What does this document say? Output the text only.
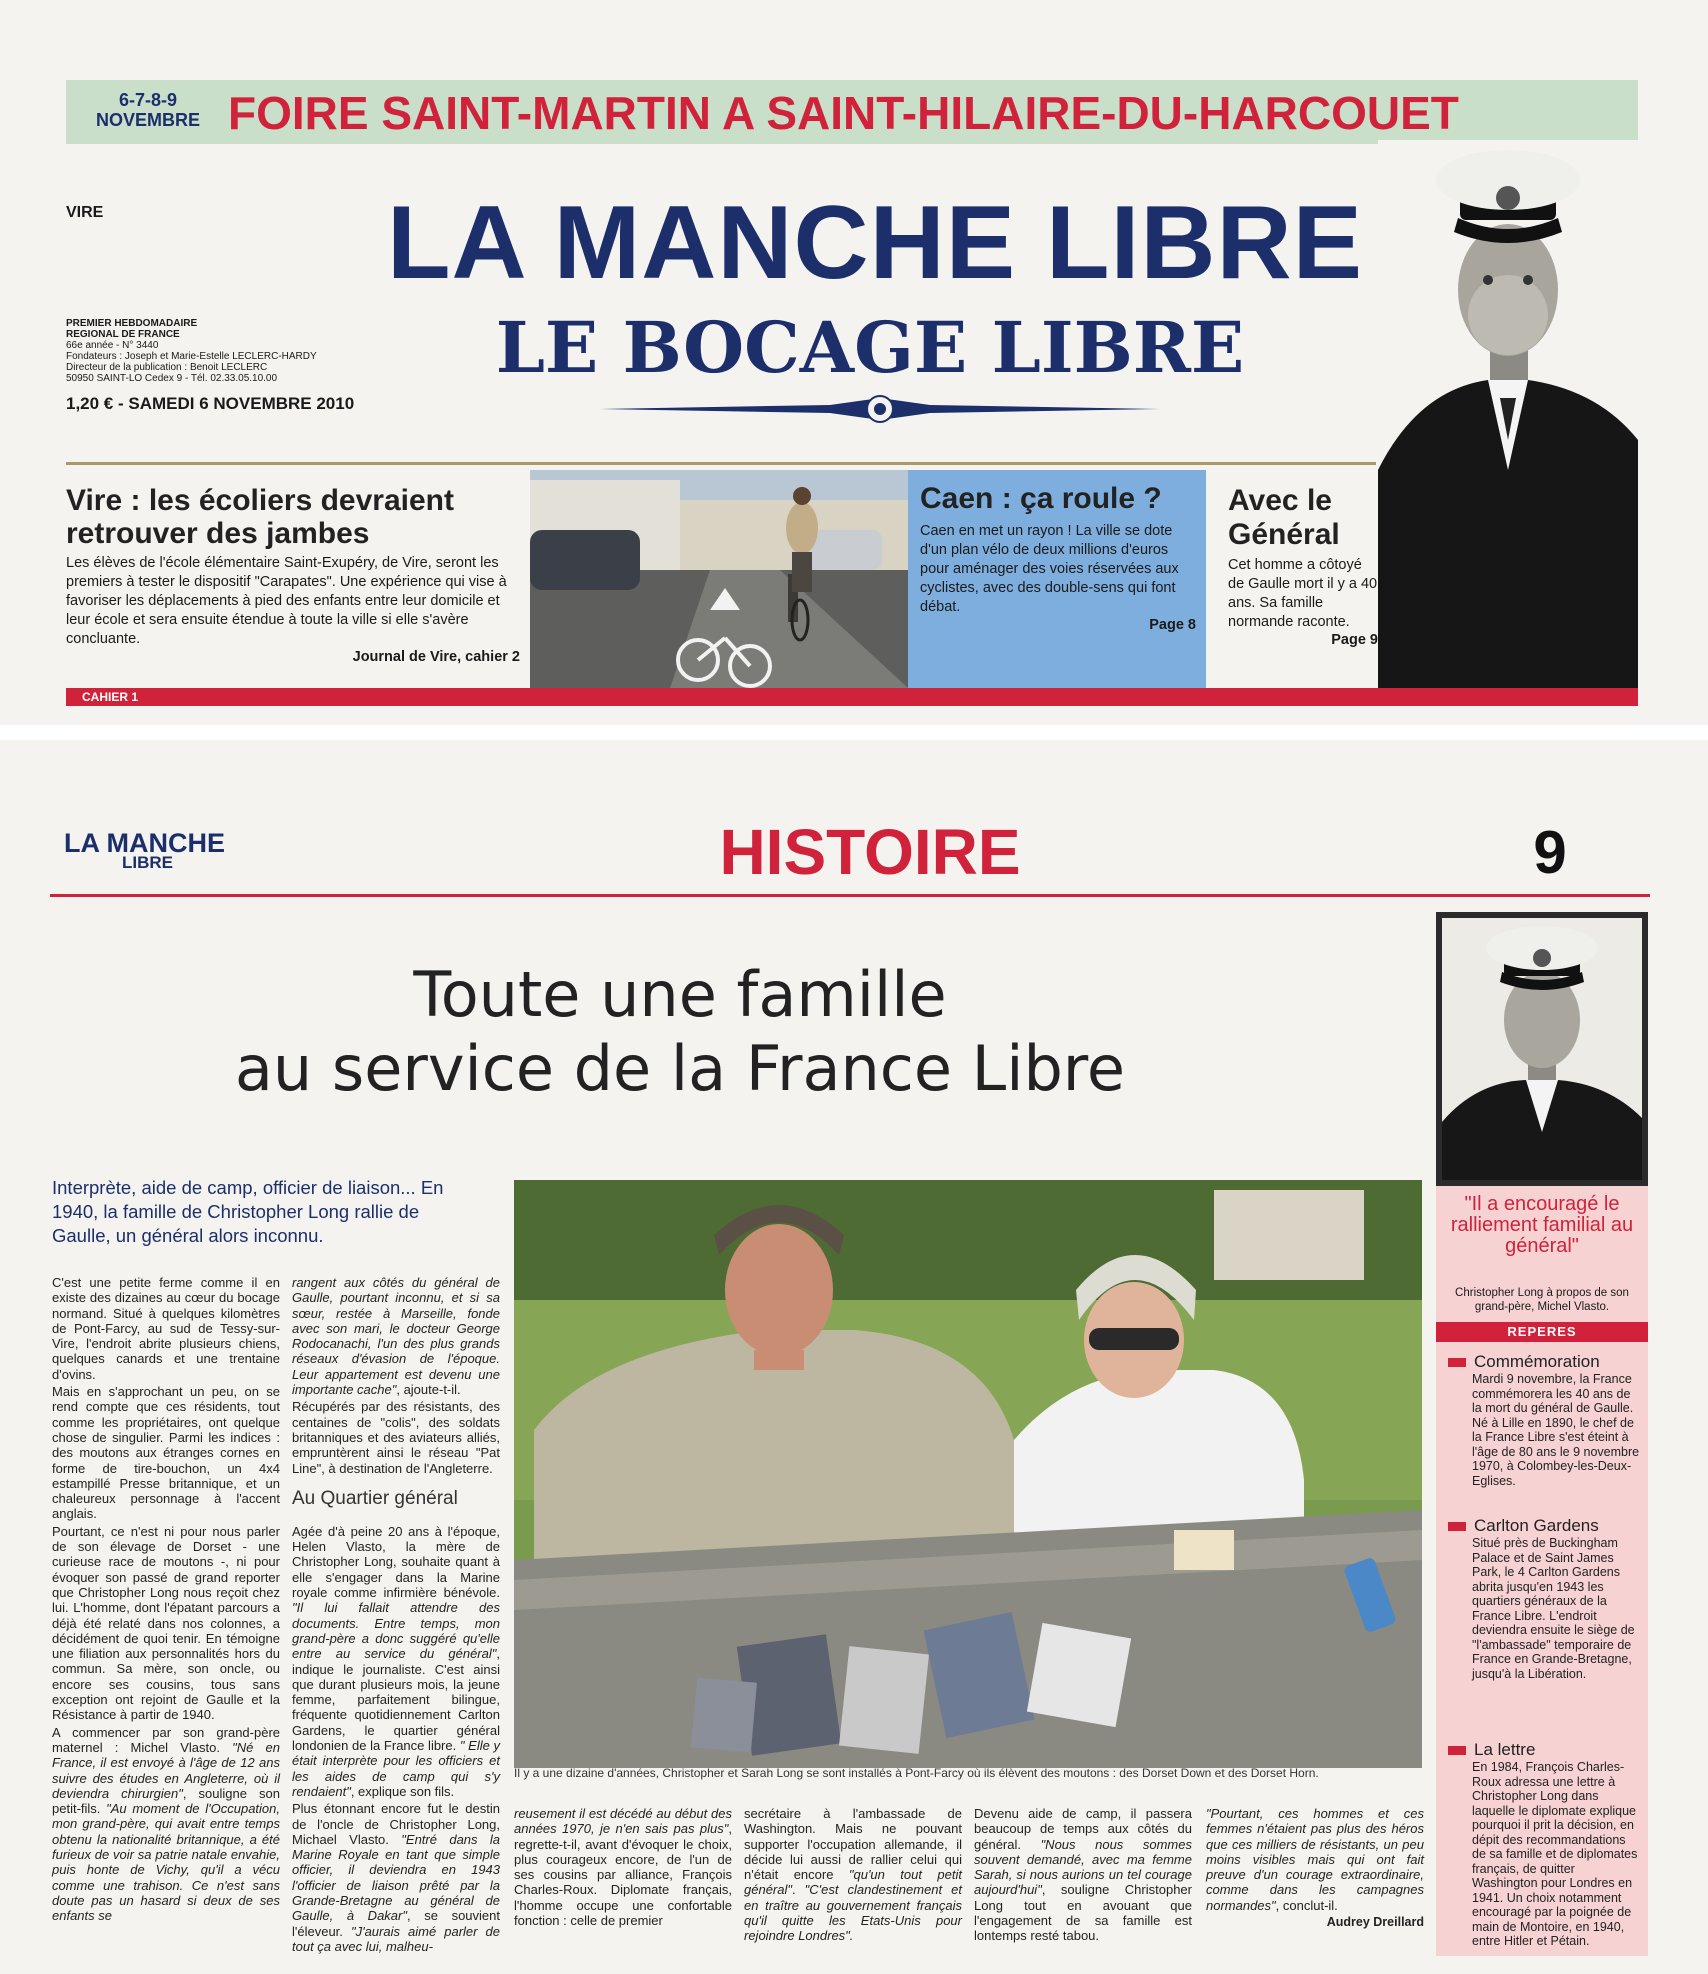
6-7-8-9
NOVEMBRE FOIRE SAINT-MARTIN A SAINT-HILAIRE-DU-HARCOUET
VIRE	LA MANCHE LIBRE
LE BOCAGE LIBRE
PREMIER HEBDOMADAIRE
REGIONAL DE FRANCE
66e année - N° 3440
Fondateurs : Joseph et Marie-Estelle LECLERC-HARDY
Directeur de la publication : Benoit LECLERC
50950 SAINT-LO Cedex 9 - Tél. 02.33.05.10.00
1,20 € - SAMEDI 6 NOVEMBRE 2010
Vire : les écoliers devraient retrouver des jambes

Les élèves de l'école élémentaire Saint-Exupéry, de Vire, seront les premiers à tester le dispositif "Carapates". Une expérience qui vise à favoriser les déplacements à pied des enfants entre leur domicile et leur école et sera ensuite étendue à toute la ville si elle s'avère concluante.

Journal de Vire, cahier 2
Caen : ça roule ?

Caen en met un rayon ! La ville se dote d'un plan vélo de deux millions d'euros pour aménager des voies réservées aux cyclistes, avec des double-sens qui font débat.

Page 8
Avec le Général

Cet homme a côtoyé de Gaulle mort il y a 40 ans. Sa famille normande raconte.

Page 9
CAHIER 1
LA MANCHE
LIBRE	HISTOIRE	9
Toute une famille
au service de la France Libre
Interprète, aide de camp, officier de liaison... En 1940, la famille de Christopher Long rallie de Gaulle, un général alors inconnu.

C'est une petite ferme comme il en existe des dizaines au cœur du bocage normand. Situé à quelques kilomètres de Pont-Farcy, au sud de Tessy-sur-Vire, l'endroit abrite plusieurs chiens, quelques canards et une trentaine d'ovins.

Mais en s'approchant un peu, on se rend compte que ces résidents, tout comme les propriétaires, ont quelque chose de singulier. Parmi les indices : des moutons aux étranges cornes en forme de tire-bouchon, un 4x4 estampillé Presse britannique, et un chaleureux personnage à l'accent anglais.

Pourtant, ce n'est ni pour nous parler de son élevage de Dorset - une curieuse race de moutons -, ni pour évoquer son passé de grand reporter que Christopher Long nous reçoit chez lui. L'homme, dont l'épatant parcours a déjà été relaté dans nos colonnes, a décidément de quoi tenir. En témoigne une filiation aux personnalités hors du commun. Sa mère, son oncle, ou encore ses cousins, tous sans exception ont rejoint de Gaulle et la Résistance à partir de 1940.

A commencer par son grand-père maternel : Michel Vlasto. "Né en France, il est envoyé à l'âge de 12 ans suivre des études en Angleterre, où il deviendra chirurgien", souligne son petit-fils. "Au moment de l'Occupation, mon grand-père, qui avait entre temps obtenu la nationalité britannique, a été furieux de voir sa patrie natale envahie, puis honte de Vichy, qu'il a vécu comme une trahison. Ce n'est sans doute pas un hasard si deux de ses enfants se

rangent aux côtés du général de Gaulle, pourtant inconnu, et si sa sœur, restée à Marseille, fonde avec son mari, le docteur George Rodocanachi, l'un des plus grands réseaux d'évasion de l'époque. Leur appartement est devenu une importante cache", ajoute-t-il.

Récupérés par des résistants, des centaines de "colis", des soldats britanniques et des aviateurs alliés, empruntèrent ainsi le réseau "Pat Line", à destination de l'Angleterre.

Au Quartier général

Agée d'à peine 20 ans à l'époque, Helen Vlasto, la mère de Christopher Long, souhaite quant à elle s'engager dans la Marine royale comme infirmière bénévole. "Il lui fallait attendre des documents. Entre temps, mon grand-père a donc suggéré qu'elle entre au service du général", indique le journaliste. C'est ainsi que durant plusieurs mois, la jeune femme, parfaitement bilingue, fréquente quotidiennement Carlton Gardens, le quartier général londonien de la France libre. " Elle y était interprète pour les officiers et les aides de camp qui s'y rendaient", explique son fils.

Plus étonnant encore fut le destin de l'oncle de Christopher Long, Michael Vlasto. "Entré dans la Marine Royale en tant que simple officier, il deviendra en 1943 l'officier de liaison prêté par la Grande-Bretagne au général de Gaulle, à Dakar", se souvient l'éleveur. "J'aurais aimé parler de tout ça avec lui, malheu-

Il y a une dizaine d'années, Christopher et Sarah Long se sont installés à Pont-Farcy où ils élèvent des moutons : des Dorset Down et des Dorset Horn.

reusement il est décédé au début des années 1970, je n'en sais pas plus", regrette-t-il, avant d'évoquer le choix, plus courageux encore, de l'un de ses cousins par alliance, François Charles-Roux. Diplomate français, l'homme occupe une confortable fonction : celle de premier

secrétaire à l'ambassade de Washington. Mais ne pouvant supporter l'occupation allemande, il décide lui aussi de rallier celui qui n'était encore "qu'un tout petit général". "C'est clandestinement et en traître au gouvernement français qu'il quitte les Etats-Unis pour rejoindre Londres".

Devenu aide de camp, il passera beaucoup de temps aux côtés du général. "Nous nous sommes souvent demandé, avec ma femme Sarah, si nous aurions un tel courage aujourd'hui", souligne Christopher Long tout en avouant que l'engagement de sa famille est lontemps resté tabou.

"Pourtant, ces hommes et ces femmes n'étaient pas plus des héros que ces milliers de résistants, un peu moins visibles mais qui ont fait preuve d'un courage extraordinaire, comme dans les campagnes normandes", conclut-il.

Audrey Dreillard
"Il a encouragé le ralliement familial au général"
Christopher Long à propos de son grand-père, Michel Vlasto.
REPERES
Commémoration

Mardi 9 novembre, la France commémorera les 40 ans de la mort du général de Gaulle. Né à Lille en 1890, le chef de la France Libre s'est éteint à l'âge de 80 ans le 9 novembre 1970, à Colombey-les-Deux-Eglises.

Carlton Gardens

Situé près de Buckingham Palace et de Saint James Park, le 4 Carlton Gardens abrita jusqu'en 1943 les quartiers généraux de la France Libre. L'endroit deviendra ensuite le siège de "l'ambassade" temporaire de France en Grande-Bretagne, jusqu'à la Libération.

La lettre

En 1984, François Charles-Roux adressa une lettre à Christopher Long dans laquelle le diplomate explique pourquoi il prit la décision, en dépit des recommandations de sa famille et de diplomates français, de quitter Washington pour Londres en 1941. Un choix notamment encouragé par la poignée de main de Montoire, en 1940, entre Hitler et Pétain.
